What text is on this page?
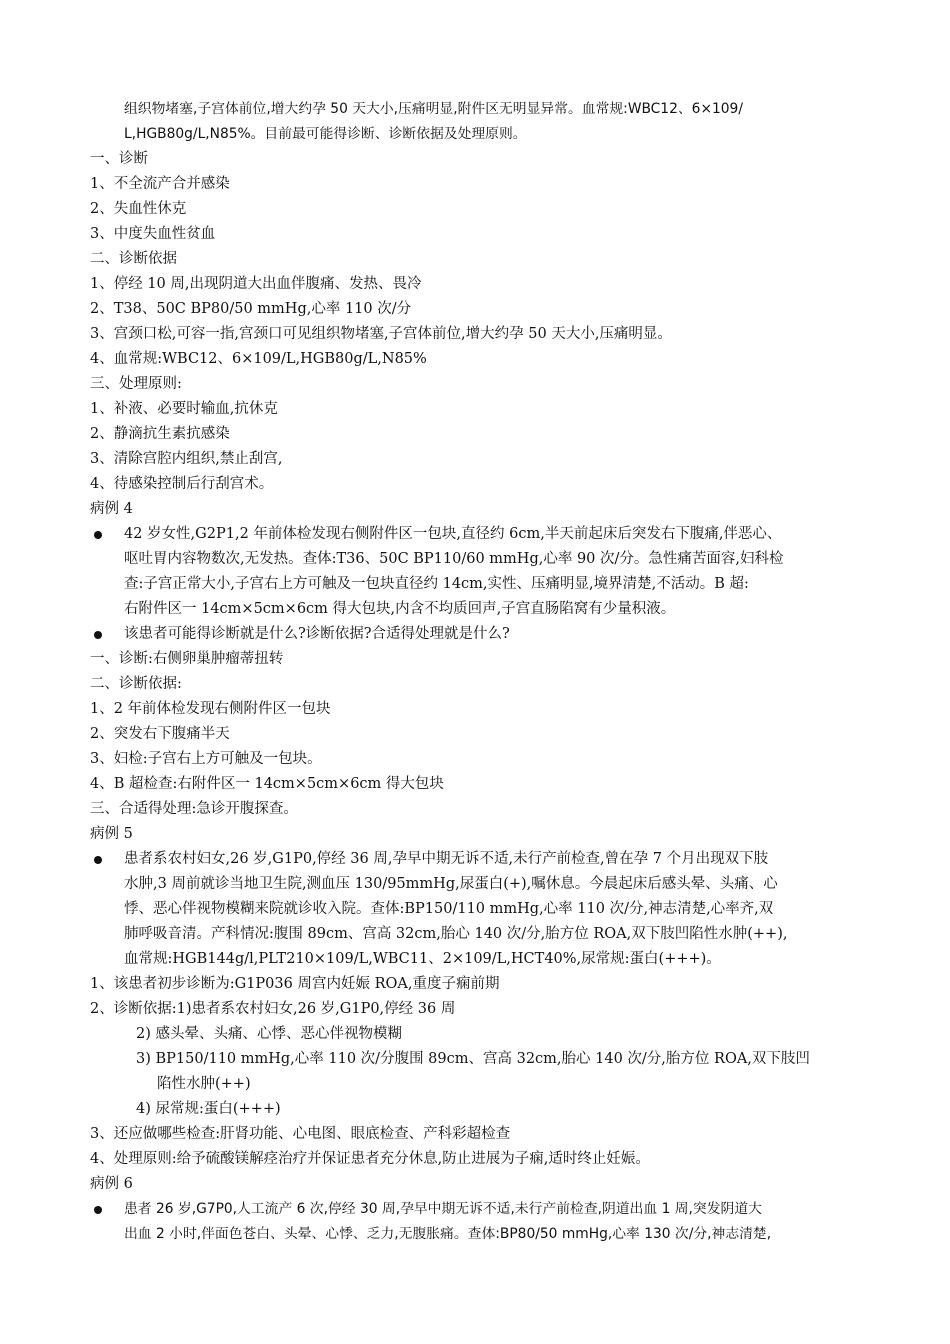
组织物堵塞,子宫体前位,增大约孕 50 天大小,压痛明显,附件区无明显异常。血常规:WBC12、6×109/
L,HGB80g/L,N85%。目前最可能得诊断、诊断依据及处理原则。
一、诊断
1、不全流产合并感染
2、失血性休克
3、中度失血性贫血
二、诊断依据
1、停经 10 周,出现阴道大出血伴腹痛、发热、畏冷
2、T38、50C BP80/50 mmHg,心率 110 次/分
3、宫颈口松,可容一指,宫颈口可见组织物堵塞,子宫体前位,增大约孕 50 天大小,压痛明显。
4、血常规:WBC12、6×109/L,HGB80g/L,N85%
三、处理原则:
1、补液、必要时输血,抗休克
2、静滴抗生素抗感染
3、清除宫腔内组织,禁止刮宫,
4、待感染控制后行刮宫术。
病例 4
42 岁女性,G2P1,2 年前体检发现右侧附件区一包块,直径约 6cm,半天前起床后突发右下腹痛,伴恶心、
呕吐胃内容物数次,无发热。查体:T36、50C BP110/60 mmHg,心率 90 次/分。急性痛苦面容,妇科检
查:子宫正常大小,子宫右上方可触及一包块直径约 14cm,实性、压痛明显,境界清楚,不活动。B 超:
右附件区一 14cm×5cm×6cm 得大包块,内含不均质回声,子宫直肠陷窝有少量积液。
该患者可能得诊断就是什么?诊断依据?合适得处理就是什么?
一、诊断:右侧卵巢肿瘤蒂扭转
二、诊断依据:
1、2 年前体检发现右侧附件区一包块
2、突发右下腹痛半天
3、妇检:子宫右上方可触及一包块。
4、B 超检查:右附件区一 14cm×5cm×6cm 得大包块
三、合适得处理:急诊开腹探查。
病例 5
患者系农村妇女,26 岁,G1P0,停经 36 周,孕早中期无诉不适,未行产前检查,曾在孕 7 个月出现双下肢
水肿,3 周前就诊当地卫生院,测血压 130/95mmHg,尿蛋白(+),嘱休息。今晨起床后感头晕、头痛、心
悸、恶心伴视物模糊来院就诊收入院。查体:BP150/110 mmHg,心率 110 次/分,神志清楚,心率齐,双
肺呼吸音清。产科情况:腹围 89cm、宫高 32cm,胎心 140 次/分,胎方位 ROA,双下肢凹陷性水肿(++),
血常规:HGB144g/l,PLT210×109/L,WBC11、2×109/L,HCT40%,尿常规:蛋白(+++)。
1、该患者初步诊断为:G1P036 周宫内妊娠 ROA,重度子痫前期
2、诊断依据:1)患者系农村妇女,26 岁,G1P0,停经 36 周
2) 感头晕、头痛、心悸、恶心伴视物模糊
3) BP150/110 mmHg,心率 110 次/分腹围 89cm、宫高 32cm,胎心 140 次/分,胎方位 ROA,双下肢凹
陷性水肿(++)
4) 尿常规:蛋白(+++)
3、还应做哪些检查:肝肾功能、心电图、眼底检查、产科彩超检查
4、处理原则:给予硫酸镁解痉治疗并保证患者充分休息,防止进展为子痫,适时终止妊娠。
病例 6
患者 26 岁,G7P0,人工流产 6 次,停经 30 周,孕早中期无诉不适,未行产前检查,阴道出血 1 周,突发阴道大
出血 2 小时,伴面色苍白、头晕、心悸、乏力,无腹胀痛。查体:BP80/50 mmHg,心率 130 次/分,神志清楚,
